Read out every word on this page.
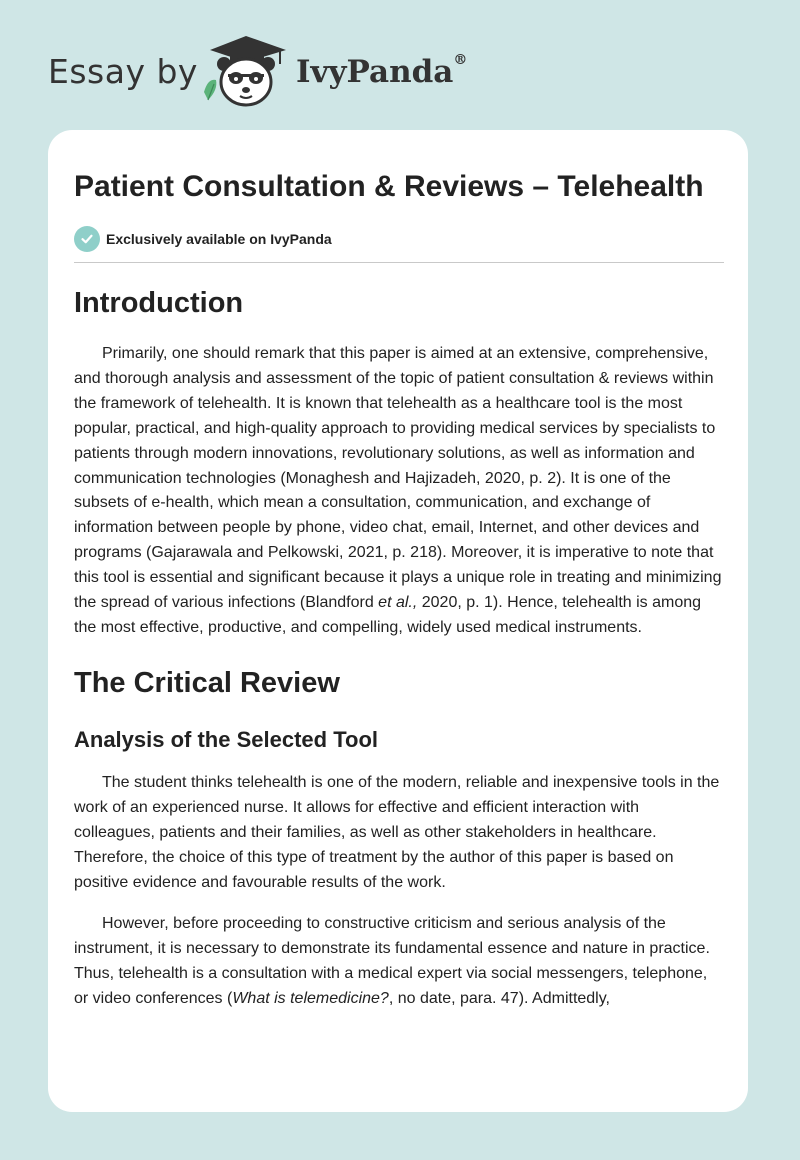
Essay by	IvyPanda®
Patient Consultation & Reviews – Telehealth
Exclusively available on IvyPanda
Introduction

Primarily, one should remark that this paper is aimed at an extensive, comprehensive, and thorough analysis and assessment of the topic of patient consultation & reviews within the framework of telehealth. It is known that telehealth as a healthcare tool is the most popular, practical, and high-quality approach to providing medical services by specialists to patients through modern innovations, revolutionary solutions, as well as information and communication technologies (Monaghesh and Hajizadeh, 2020, p. 2). It is one of the subsets of e-health, which mean a consultation, communication, and exchange of information between people by phone, video chat, email, Internet, and other devices and programs (Gajarawala and Pelkowski, 2021, p. 218). Moreover, it is imperative to note that this tool is essential and significant because it plays a unique role in treating and minimizing the spread of various infections (Blandford et al., 2020, p. 1). Hence, telehealth is among the most effective, productive, and compelling, widely used medical instruments.

The Critical Review
Analysis of the Selected Tool

The student thinks telehealth is one of the modern, reliable and inexpensive tools in the work of an experienced nurse. It allows for effective and efficient interaction with colleagues, patients and their families, as well as other stakeholders in healthcare. Therefore, the choice of this type of treatment by the author of this paper is based on positive evidence and favourable results of the work.

However, before proceeding to constructive criticism and serious analysis of the instrument, it is necessary to demonstrate its fundamental essence and nature in practice. Thus, telehealth is a consultation with a medical expert via social messengers, telephone, or video conferences (What is telemedicine?, no date, para. 47). Admittedly,
